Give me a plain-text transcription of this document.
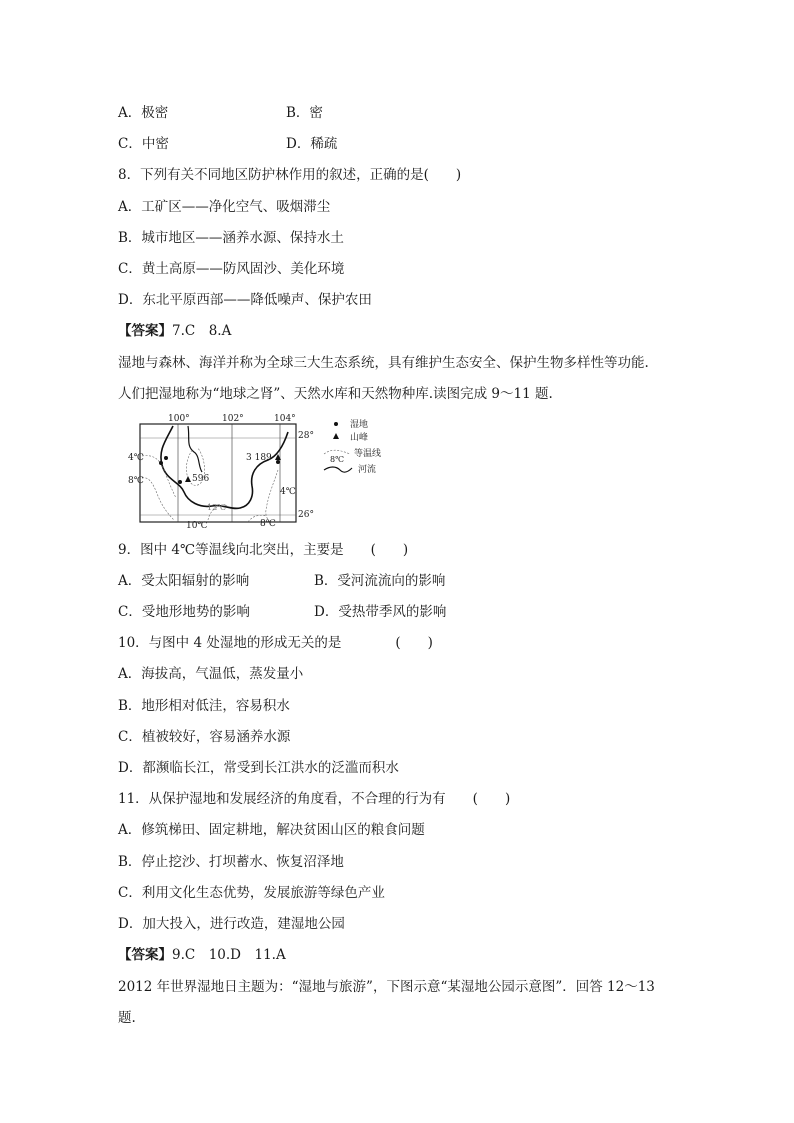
A．极密	B．密
C．中密	D．稀疏
8．下列有关不同地区防护林作用的叙述，正确的是(　　)
A．工矿区——净化空气、吸烟滞尘
B．城市地区——涵养水源、保持水土
C．黄土高原——防风固沙、美化环境
D．东北平原西部——降低噪声、保护农田
【答案】7.C　8.A
湿地与森林、海洋并称为全球三大生态系统，具有维护生态安全、保护生物多样性等功能.
人们把湿地称为“地球之肾”、天然水库和天然物种库.读图完成 9～11 题.
100°	102°	104°
28°
26°
4℃
8℃
4℃
12℃
10℃	8℃
596
3 189
湿地
山峰
8℃
等温线
河流
9．图中 4℃等温线向北突出，主要是　　(　　)
A．受太阳辐射的影响	B．受河流流向的影响
C．受地形地势的影响	D．受热带季风的影响
10．与图中 4 处湿地的形成无关的是　　　　(　　)
A．海拔高，气温低，蒸发量小
B．地形相对低洼，容易积水
C．植被较好，容易涵养水源
D．都濒临长江，常受到长江洪水的泛滥而积水
11．从保护湿地和发展经济的角度看，不合理的行为有　　(　　)
A．修筑梯田、固定耕地，解决贫困山区的粮食问题
B．停止挖沙、打坝蓄水、恢复沼泽地
C．利用文化生态优势，发展旅游等绿色产业
D．加大投入，进行改造，建湿地公园
【答案】9.C　10.D　11.A
2012 年世界湿地日主题为：“湿地与旅游”，下图示意“某湿地公园示意图”．回答 12～13
题.
